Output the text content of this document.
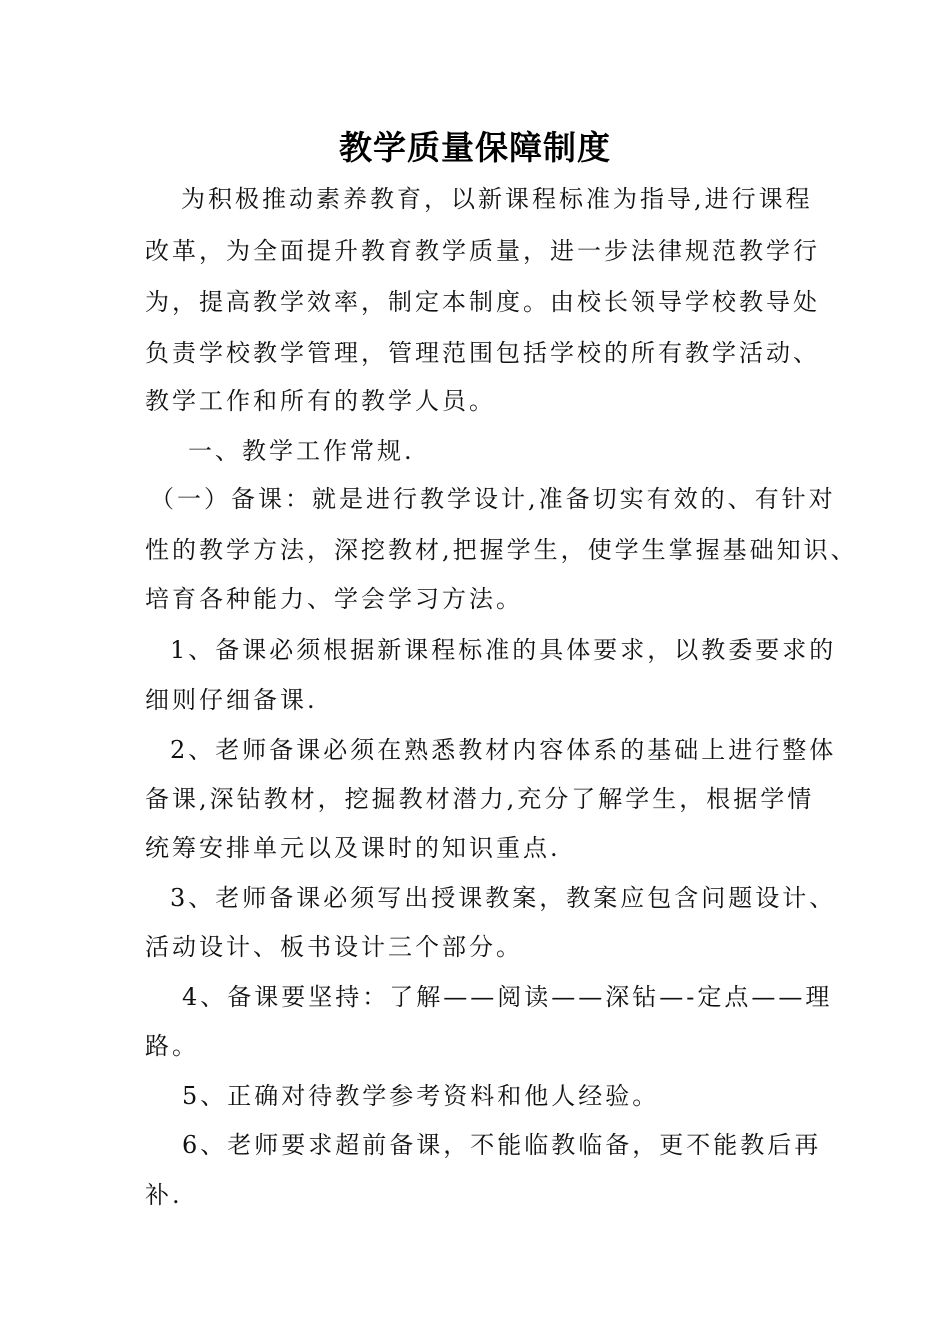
教学质量保障制度
为积极推动素养教育，以新课程标准为指导,进行课程
改革，为全面提升教育教学质量，进一步法律规范教学行
为，提高教学效率，制定本制度。由校长领导学校教导处
负责学校教学管理，管理范围包括学校的所有教学活动、
教学工作和所有的教学人员。
一、教学工作常规.
（一）备课：就是进行教学设计,准备切实有效的、有针对
性的教学方法，深挖教材,把握学生，使学生掌握基础知识、
培育各种能力、学会学习方法。
1、备课必须根据新课程标准的具体要求，以教委要求的
细则仔细备课.
2、老师备课必须在熟悉教材内容体系的基础上进行整体
备课,深钻教材，挖掘教材潜力,充分了解学生，根据学情
统筹安排单元以及课时的知识重点.
3、老师备课必须写出授课教案，教案应包含问题设计、
活动设计、板书设计三个部分。
4、备课要坚持：了解——阅读——深钻—-定点——理
路。
5、正确对待教学参考资料和他人经验。
6、老师要求超前备课，不能临教临备，更不能教后再
补.
